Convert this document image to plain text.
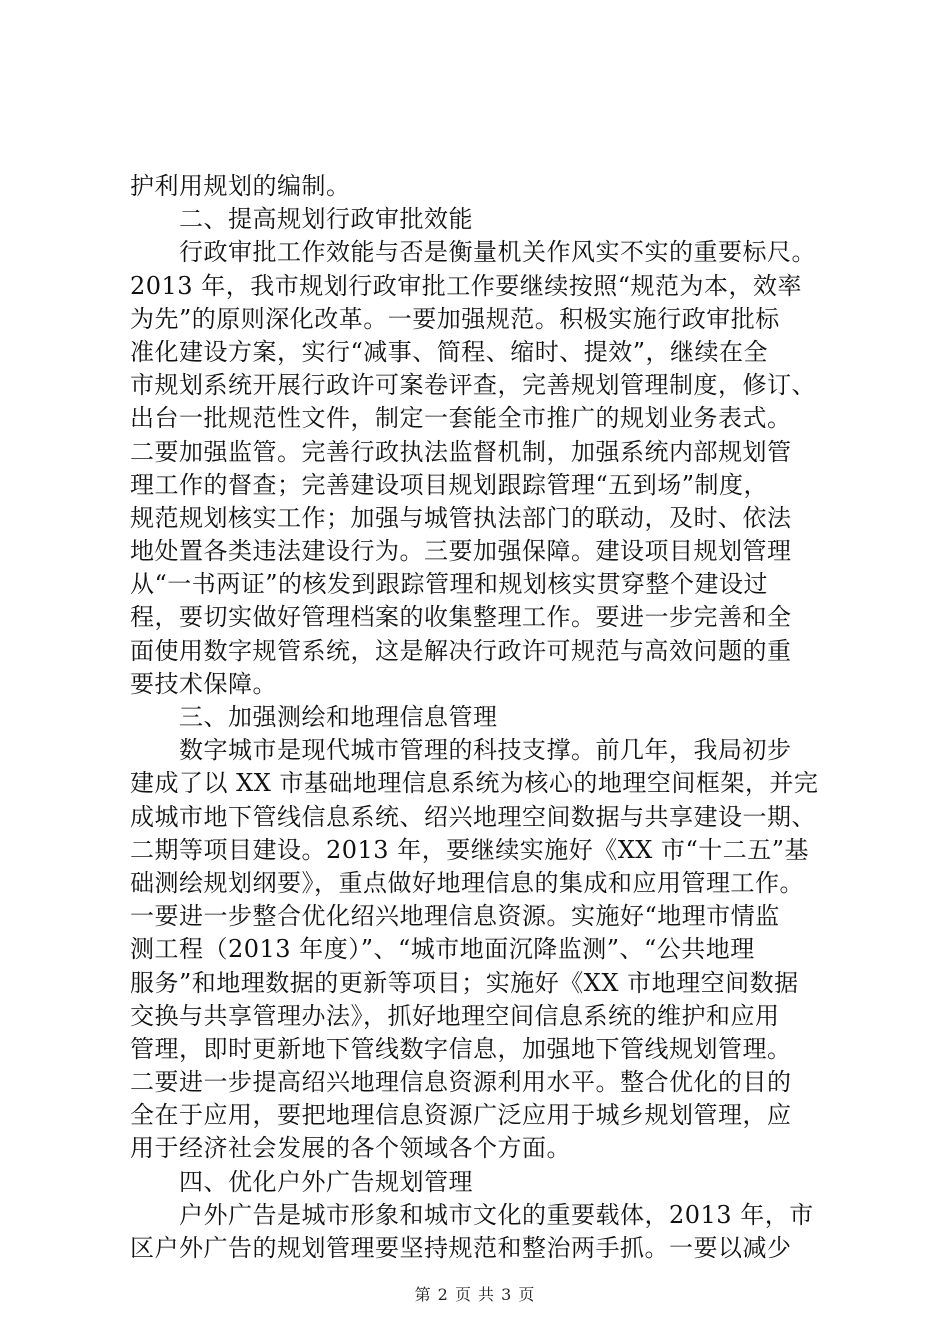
护利用规划的编制。
　　二、提高规划行政审批效能
　　行政审批工作效能与否是衡量机关作风实不实的重要标尺。
2013 年，我市规划行政审批工作要继续按照“规范为本，效率
为先”的原则深化改革。一要加强规范。积极实施行政审批标
准化建设方案，实行“减事、简程、缩时、提效”，继续在全
市规划系统开展行政许可案卷评查，完善规划管理制度，修订、
出台一批规范性文件，制定一套能全市推广的规划业务表式。
二要加强监管。完善行政执法监督机制，加强系统内部规划管
理工作的督查；完善建设项目规划跟踪管理“五到场”制度，
规范规划核实工作；加强与城管执法部门的联动，及时、依法
地处置各类违法建设行为。三要加强保障。建设项目规划管理
从“一书两证”的核发到跟踪管理和规划核实贯穿整个建设过
程，要切实做好管理档案的收集整理工作。要进一步完善和全
面使用数字规管系统，这是解决行政许可规范与高效问题的重
要技术保障。
　　三、加强测绘和地理信息管理
　　数字城市是现代城市管理的科技支撑。前几年，我局初步
建成了以 XX 市基础地理信息系统为核心的地理空间框架，并完
成城市地下管线信息系统、绍兴地理空间数据与共享建设一期、
二期等项目建设。2013 年，要继续实施好《XX 市“十二五”基
础测绘规划纲要》，重点做好地理信息的集成和应用管理工作。
一要进一步整合优化绍兴地理信息资源。实施好“地理市情监
测工程（2013 年度）”、“城市地面沉降监测”、“公共地理
服务”和地理数据的更新等项目；实施好《XX 市地理空间数据
交换与共享管理办法》，抓好地理空间信息系统的维护和应用
管理，即时更新地下管线数字信息，加强地下管线规划管理。
二要进一步提高绍兴地理信息资源利用水平。整合优化的目的
全在于应用，要把地理信息资源广泛应用于城乡规划管理，应
用于经济社会发展的各个领域各个方面。
　　四、优化户外广告规划管理
　　户外广告是城市形象和城市文化的重要载体，2013 年，市
区户外广告的规划管理要坚持规范和整治两手抓。一要以减少
第 2 页 共 3 页
